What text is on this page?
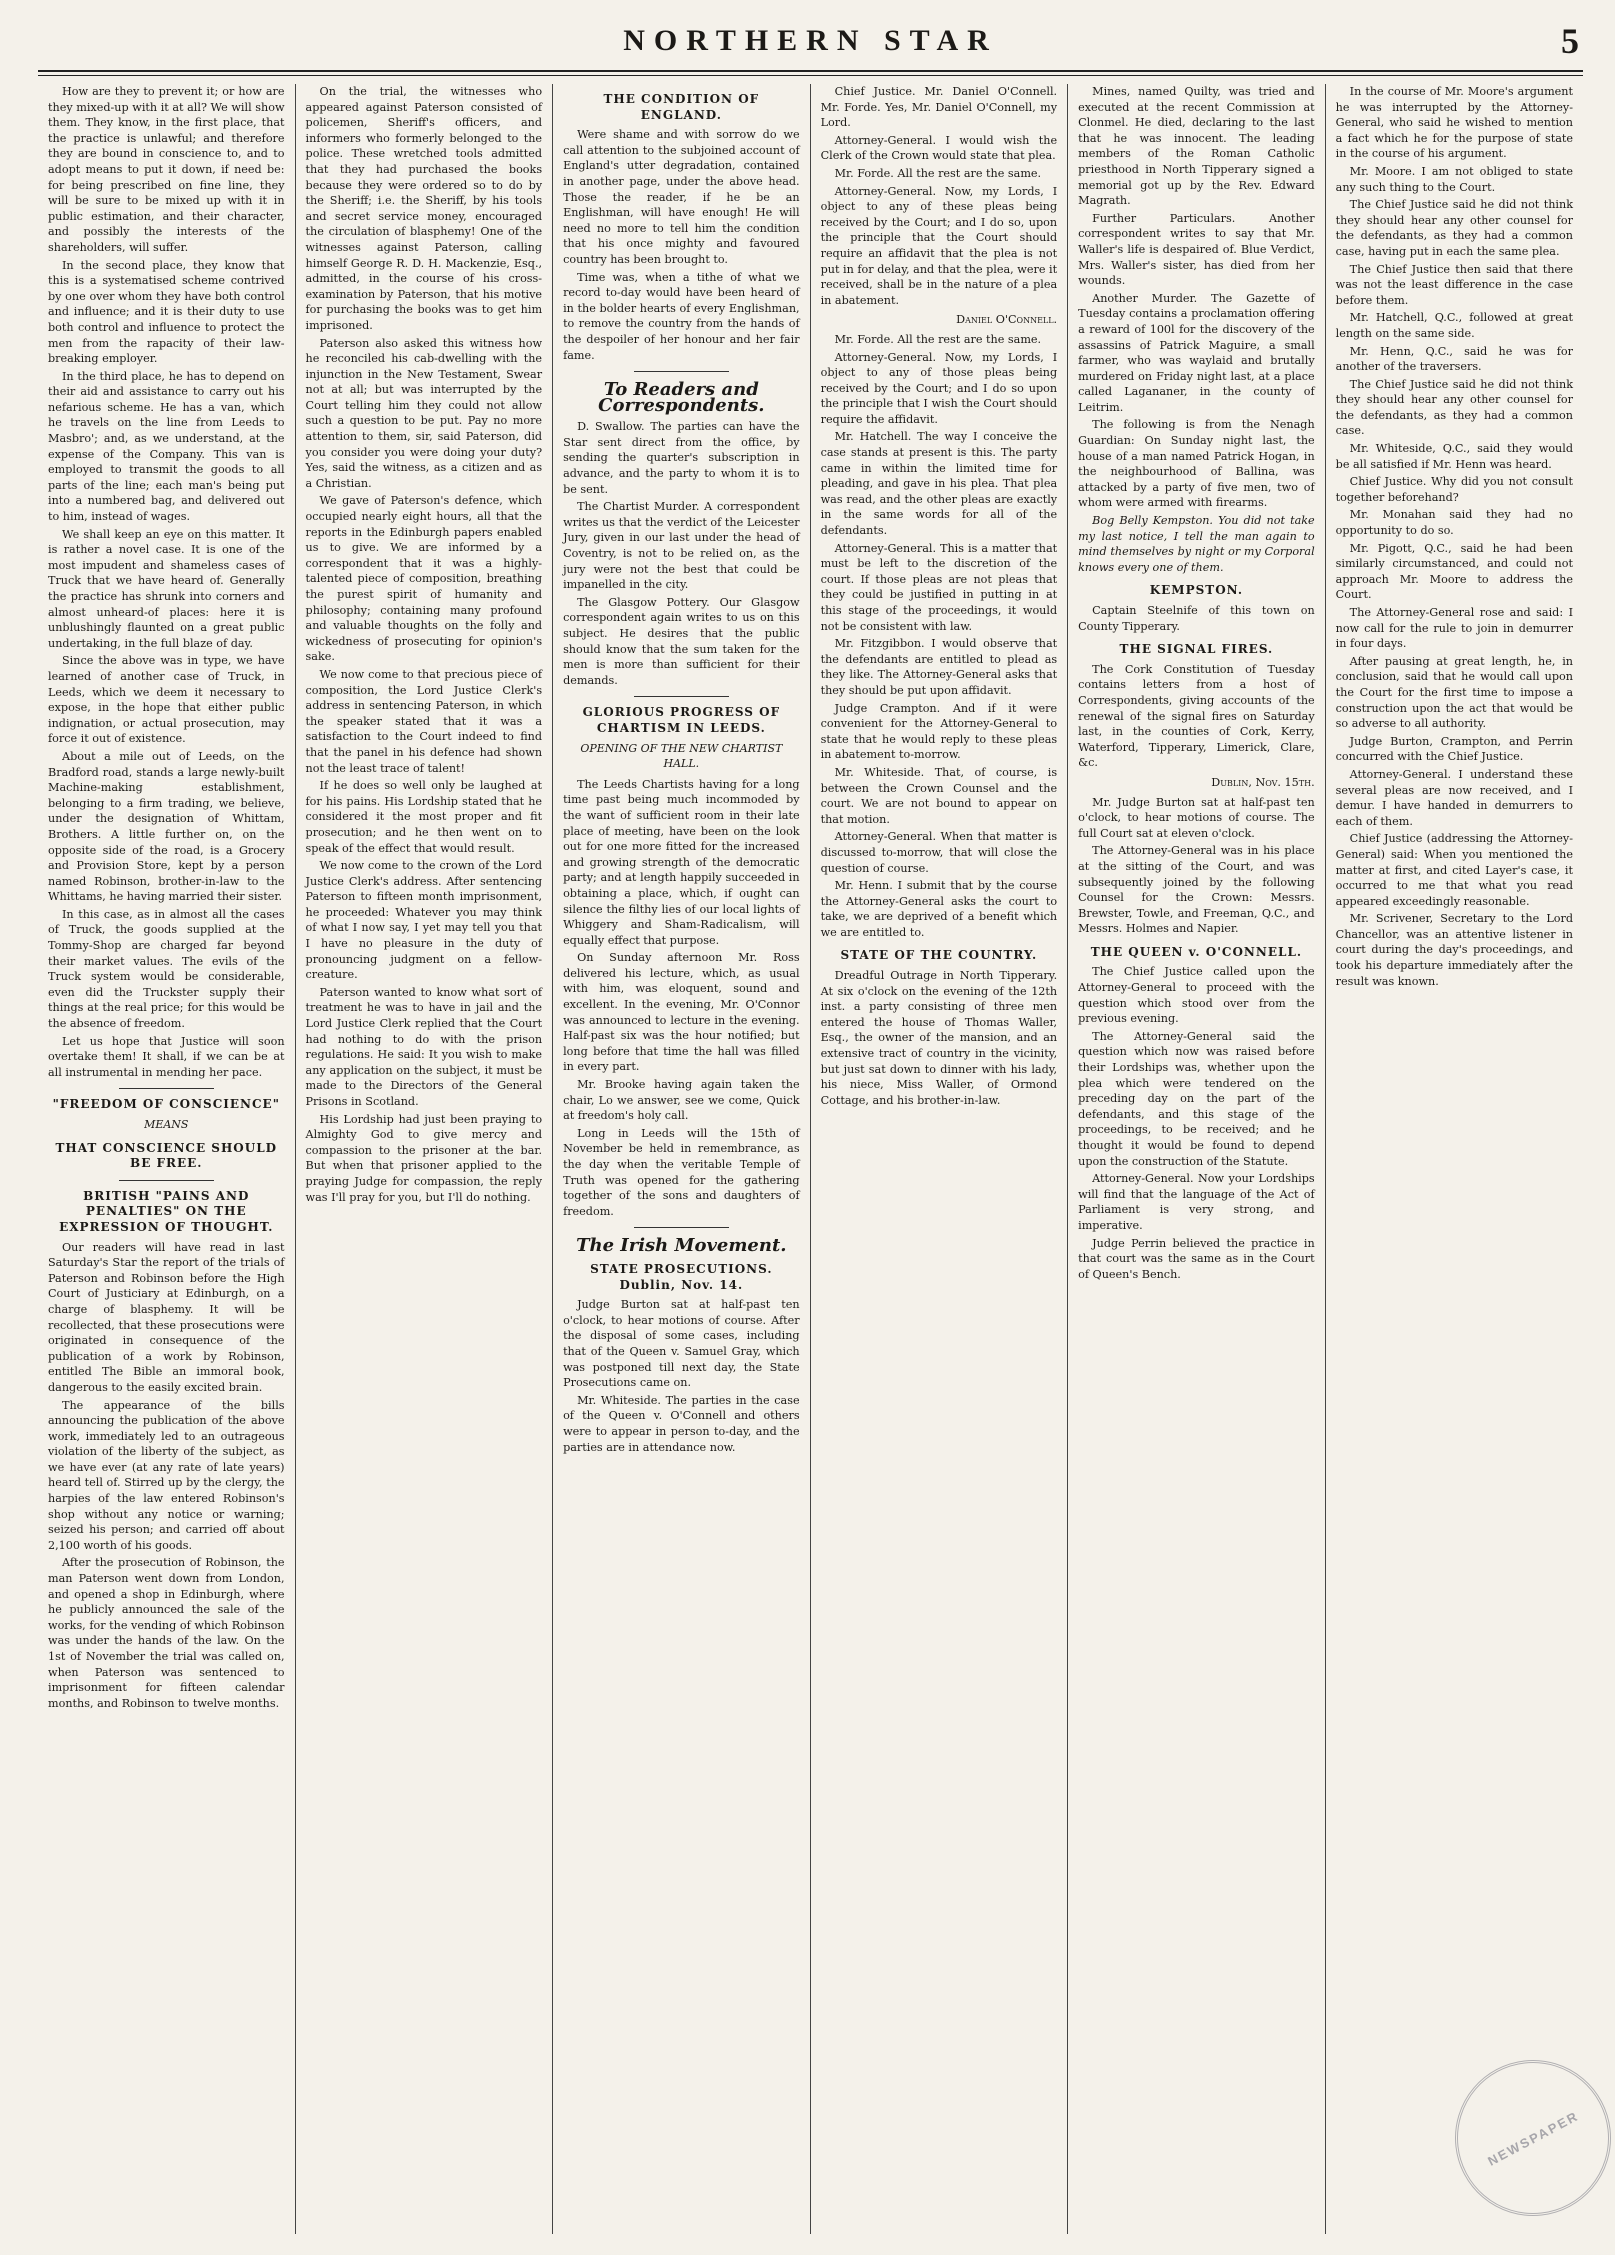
NORTHERN STAR	5

How are they to prevent it; or how are they mixed-up with it at all? We will show them. They know, in the first place, that the practice is unlawful; and therefore they are bound in conscience to, and to adopt means to put it down, if need be: for being prescribed on fine line, they will be sure to be mixed up with it in public estimation, and their character, and possibly the interests of the shareholders, will suffer.

In the second place, they know that this is a systematised scheme contrived by one over whom they have both control and influence; and it is their duty to use both control and influence to protect the men from the rapacity of their law-breaking employer.

In the third place, he has to depend on their aid and assistance to carry out his nefarious scheme. He has a van, which he travels on the line from Leeds to Masbro'; and, as we understand, at the expense of the Company. This van is employed to transmit the goods to all parts of the line; each man's being put into a numbered bag, and delivered out to him, instead of wages.

We shall keep an eye on this matter. It is rather a novel case. It is one of the most impudent and shameless cases of Truck that we have heard of. Generally the practice has shrunk into corners and almost unheard-of places: here it is unblushingly flaunted on a great public undertaking, in the full blaze of day.

Since the above was in type, we have learned of another case of Truck, in Leeds, which we deem it necessary to expose, in the hope that either public indignation, or actual prosecution, may force it out of existence.

About a mile out of Leeds, on the Bradford road, stands a large newly-built Machine-making establishment, belonging to a firm trading, we believe, under the designation of Whittam, Brothers. A little further on, on the opposite side of the road, is a Grocery and Provision Store, kept by a person named Robinson, brother-in-law to the Whittams, he having married their sister.

In this case, as in almost all the cases of Truck, the goods supplied at the Tommy-Shop are charged far beyond their market values. The evils of the Truck system would be considerable, even did the Truckster supply their things at the real price; for this would be the absence of freedom.

Let us hope that Justice will soon overtake them! It shall, if we can be at all instrumental in mending her pace.

"FREEDOM OF CONSCIENCE"
MEANS
THAT CONSCIENCE SHOULD BE FREE.
BRITISH "PAINS AND PENALTIES" ON THE EXPRESSION OF THOUGHT.

Our readers will have read in last Saturday's Star the report of the trials of Paterson and Robinson before the High Court of Justiciary at Edinburgh, on a charge of blasphemy. It will be recollected, that these prosecutions were originated in consequence of the publication of a work by Robinson, entitled The Bible an immoral book, dangerous to the easily excited brain.

The appearance of the bills announcing the publication of the above work, immediately led to an outrageous violation of the liberty of the subject, as we have ever (at any rate of late years) heard tell of. Stirred up by the clergy, the harpies of the law entered Robinson's shop without any notice or warning; seized his person; and carried off about 2,100 worth of his goods.

After the prosecution of Robinson, the man Paterson went down from London, and opened a shop in Edinburgh, where he publicly announced the sale of the works, for the vending of which Robinson was under the hands of the law. On the 1st of November the trial was called on, when Paterson was sentenced to imprisonment for fifteen calendar months, and Robinson to twelve months.

On the trial, the witnesses who appeared against Paterson consisted of policemen, Sheriff's officers, and informers who formerly belonged to the police. These wretched tools admitted that they had purchased the books because they were ordered so to do by the Sheriff; i.e. the Sheriff, by his tools and secret service money, encouraged the circulation of blasphemy! One of the witnesses against Paterson, calling himself George R. D. H. Mackenzie, Esq., admitted, in the course of his cross-examination by Paterson, that his motive for purchasing the books was to get him imprisoned.

Paterson also asked this witness how he reconciled his cab-dwelling with the injunction in the New Testament, Swear not at all; but was interrupted by the Court telling him they could not allow such a question to be put. Pay no more attention to them, sir, said Paterson, did you consider you were doing your duty? Yes, said the witness, as a citizen and as a Christian.

We gave of Paterson's defence, which occupied nearly eight hours, all that the reports in the Edinburgh papers enabled us to give. We are informed by a correspondent that it was a highly-talented piece of composition, breathing the purest spirit of humanity and philosophy; containing many profound and valuable thoughts on the folly and wickedness of prosecuting for opinion's sake.

We now come to that precious piece of composition, the Lord Justice Clerk's address in sentencing Paterson, in which the speaker stated that it was a satisfaction to the Court indeed to find that the panel in his defence had shown not the least trace of talent!

If he does so well only be laughed at for his pains. His Lordship stated that he considered it the most proper and fit prosecution; and he then went on to speak of the effect that would result.

We now come to the crown of the Lord Justice Clerk's address. After sentencing Paterson to fifteen month imprisonment, he proceeded: Whatever you may think of what I now say, I yet may tell you that I have no pleasure in the duty of pronouncing judgment on a fellow-creature.

Paterson wanted to know what sort of treatment he was to have in jail and the Lord Justice Clerk replied that the Court had nothing to do with the prison regulations. He said: It you wish to make any application on the subject, it must be made to the Directors of the General Prisons in Scotland.

His Lordship had just been praying to Almighty God to give mercy and compassion to the prisoner at the bar. But when that prisoner applied to the praying Judge for compassion, the reply was I'll pray for you, but I'll do nothing.

THE CONDITION OF ENGLAND.

Were shame and with sorrow do we call attention to the subjoined account of England's utter degradation, contained in another page, under the above head. Those the reader, if he be an Englishman, will have enough! He will need no more to tell him the condition that his once mighty and favoured country has been brought to.

Time was, when a tithe of what we record to-day would have been heard of in the bolder hearts of every Englishman, to remove the country from the hands of the despoiler of her honour and her fair fame.

To Readers and Correspondents.

D. Swallow. The parties can have the Star sent direct from the office, by sending the quarter's subscription in advance, and the party to whom it is to be sent.

The Chartist Murder. A correspondent writes us that the verdict of the Leicester Jury, given in our last under the head of Coventry, is not to be relied on, as the jury were not the best that could be impanelled in the city.

The Glasgow Pottery. Our Glasgow correspondent again writes to us on this subject. He desires that the public should know that the sum taken for the men is more than sufficient for their demands.

GLORIOUS PROGRESS OF CHARTISM IN LEEDS.
OPENING OF THE NEW CHARTIST HALL.

The Leeds Chartists having for a long time past being much incommoded by the want of sufficient room in their late place of meeting, have been on the look out for one more fitted for the increased and growing strength of the democratic party; and at length happily succeeded in obtaining a place, which, if ought can silence the filthy lies of our local lights of Whiggery and Sham-Radicalism, will equally effect that purpose.

On Sunday afternoon Mr. Ross delivered his lecture, which, as usual with him, was eloquent, sound and excellent. In the evening, Mr. O'Connor was announced to lecture in the evening. Half-past six was the hour notified; but long before that time the hall was filled in every part.

Mr. Brooke having again taken the chair, Lo we answer, see we come, Quick at freedom's holy call.

Long in Leeds will the 15th of November be held in remembrance, as the day when the veritable Temple of Truth was opened for the gathering together of the sons and daughters of freedom.

The Irish Movement.
STATE PROSECUTIONS. Dublin, Nov. 14.

Judge Burton sat at half-past ten o'clock, to hear motions of course. After the disposal of some cases, including that of the Queen v. Samuel Gray, which was postponed till next day, the State Prosecutions came on.

Mr. Whiteside. The parties in the case of the Queen v. O'Connell and others were to appear in person to-day, and the parties are in attendance now.

Chief Justice. Mr. Daniel O'Connell. Mr. Forde. Yes, Mr. Daniel O'Connell, my Lord.

Attorney-General. I would wish the Clerk of the Crown would state that plea.

Mr. Forde. All the rest are the same.

Attorney-General. Now, my Lords, I object to any of these pleas being received by the Court; and I do so, upon the principle that the Court should require an affidavit that the plea is not put in for delay, and that the plea, were it received, shall be in the nature of a plea in abatement.

Daniel O'Connell.

Mr. Forde. All the rest are the same.

Attorney-General. Now, my Lords, I object to any of those pleas being received by the Court; and I do so upon the principle that I wish the Court should require the affidavit.

Mr. Hatchell. The way I conceive the case stands at present is this. The party came in within the limited time for pleading, and gave in his plea. That plea was read, and the other pleas are exactly in the same words for all of the defendants.

Attorney-General. This is a matter that must be left to the discretion of the court. If those pleas are not pleas that they could be justified in putting in at this stage of the proceedings, it would not be consistent with law.

Mr. Fitzgibbon. I would observe that the defendants are entitled to plead as they like. The Attorney-General asks that they should be put upon affidavit.

Judge Crampton. And if it were convenient for the Attorney-General to state that he would reply to these pleas in abatement to-morrow.

Mr. Whiteside. That, of course, is between the Crown Counsel and the court. We are not bound to appear on that motion.

Attorney-General. When that matter is discussed to-morrow, that will close the question of course.

Mr. Henn. I submit that by the course the Attorney-General asks the court to take, we are deprived of a benefit which we are entitled to.

STATE OF THE COUNTRY.

Dreadful Outrage in North Tipperary. At six o'clock on the evening of the 12th inst. a party consisting of three men entered the house of Thomas Waller, Esq., the owner of the mansion, and an extensive tract of country in the vicinity, but just sat down to dinner with his lady, his niece, Miss Waller, of Ormond Cottage, and his brother-in-law.

Mines, named Quilty, was tried and executed at the recent Commission at Clonmel. He died, declaring to the last that he was innocent. The leading members of the Roman Catholic priesthood in North Tipperary signed a memorial got up by the Rev. Edward Magrath.

Further Particulars. Another correspondent writes to say that Mr. Waller's life is despaired of. Blue Verdict, Mrs. Waller's sister, has died from her wounds.

Another Murder. The Gazette of Tuesday contains a proclamation offering a reward of 100l for the discovery of the assassins of Patrick Maguire, a small farmer, who was waylaid and brutally murdered on Friday night last, at a place called Lagananer, in the county of Leitrim.

The following is from the Nenagh Guardian: On Sunday night last, the house of a man named Patrick Hogan, in the neighbourhood of Ballina, was attacked by a party of five men, two of whom were armed with firearms.

Bog Belly Kempston. You did not take my last notice, I tell the man again to mind themselves by night or my Corporal knows every one of them.

KEMPSTON.

Captain Steelnife of this town on County Tipperary.

THE SIGNAL FIRES.

The Cork Constitution of Tuesday contains letters from a host of Correspondents, giving accounts of the renewal of the signal fires on Saturday last, in the counties of Cork, Kerry, Waterford, Tipperary, Limerick, Clare, &c.

Dublin, Nov. 15th.

Mr. Judge Burton sat at half-past ten o'clock, to hear motions of course. The full Court sat at eleven o'clock.

The Attorney-General was in his place at the sitting of the Court, and was subsequently joined by the following Counsel for the Crown: Messrs. Brewster, Towle, and Freeman, Q.C., and Messrs. Holmes and Napier.

THE QUEEN v. O'CONNELL.

The Chief Justice called upon the Attorney-General to proceed with the question which stood over from the previous evening.

The Attorney-General said the question which now was raised before their Lordships was, whether upon the plea which were tendered on the preceding day on the part of the defendants, and this stage of the proceedings, to be received; and he thought it would be found to depend upon the construction of the Statute.

Attorney-General. Now your Lordships will find that the language of the Act of Parliament is very strong, and imperative.

Judge Perrin believed the practice in that court was the same as in the Court of Queen's Bench.

In the course of Mr. Moore's argument he was interrupted by the Attorney-General, who said he wished to mention a fact which he for the purpose of state in the course of his argument.

Mr. Moore. I am not obliged to state any such thing to the Court.

The Chief Justice said he did not think they should hear any other counsel for the defendants, as they had a common case, having put in each the same plea.

The Chief Justice then said that there was not the least difference in the case before them.

Mr. Hatchell, Q.C., followed at great length on the same side.

Mr. Henn, Q.C., said he was for another of the traversers.

The Chief Justice said he did not think they should hear any other counsel for the defendants, as they had a common case.

Mr. Whiteside, Q.C., said they would be all satisfied if Mr. Henn was heard.

Chief Justice. Why did you not consult together beforehand?

Mr. Monahan said they had no opportunity to do so.

Mr. Pigott, Q.C., said he had been similarly circumstanced, and could not approach Mr. Moore to address the Court.

The Attorney-General rose and said: I now call for the rule to join in demurrer in four days.

After pausing at great length, he, in conclusion, said that he would call upon the Court for the first time to impose a construction upon the act that would be so adverse to all authority.

Judge Burton, Crampton, and Perrin concurred with the Chief Justice.

Attorney-General. I understand these several pleas are now received, and I demur. I have handed in demurrers to each of them.

Chief Justice (addressing the Attorney-General) said: When you mentioned the matter at first, and cited Layer's case, it occurred to me that what you read appeared exceedingly reasonable.

Mr. Scrivener, Secretary to the Lord Chancellor, was an attentive listener in court during the day's proceedings, and took his departure immediately after the result was known.

NEWSPAPER
